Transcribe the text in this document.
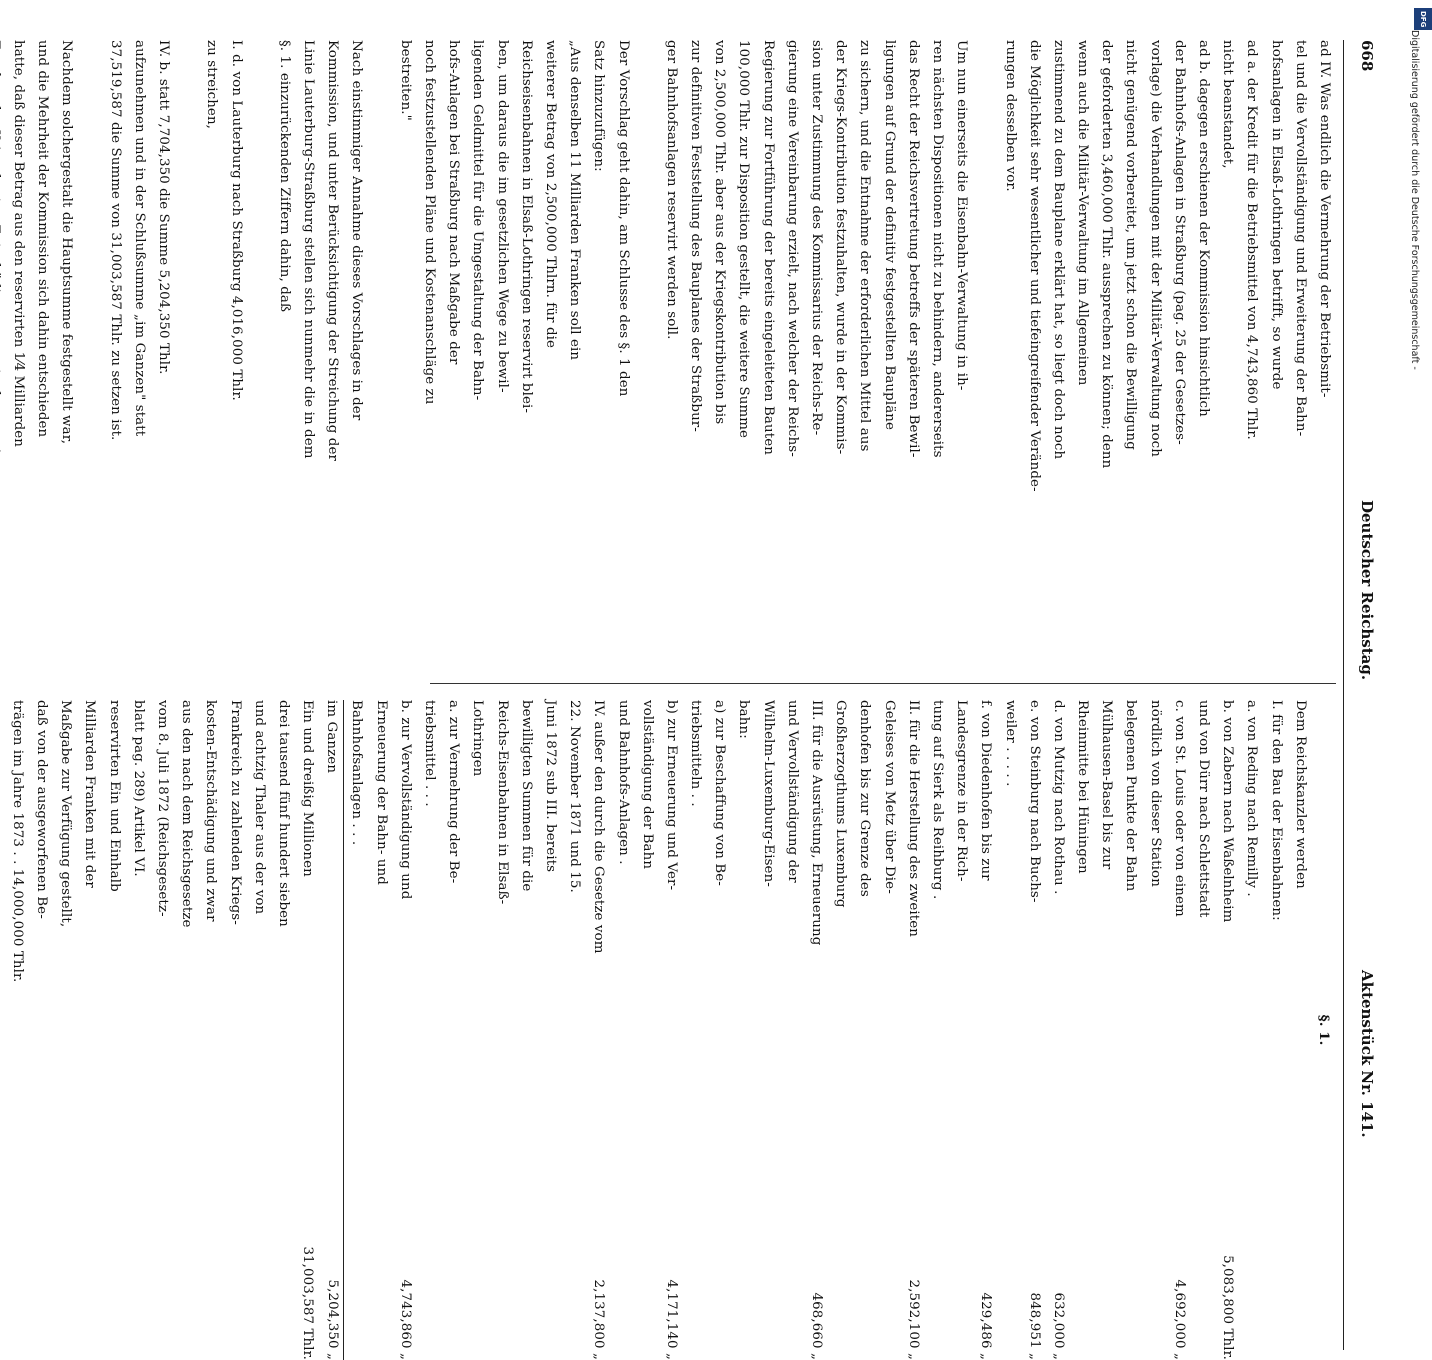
668
Deutscher Reichstag.
Aktenstück Nr. 141.
ad IV. Was endlich die Vermehrung der Betriebsmit-
tel und die Vervollständigung und Erweiterung der Bahn-
hofsanlagen in Elsaß-Lothringen betrifft, so wurde
ad a. der Kredit für die Betriebsmittel von 4,743,860 Thlr.
nicht beanstandet,
ad b. dagegen erschienen der Kommission hinsichtlich
der Bahnhofs-Anlagen in Straßburg (pag. 25 der Gesetzes-
vorlage) die Verhandlungen mit der Militär-Verwaltung noch
nicht genügend vorbereitet, um jetzt schon die Bewilligung
der geforderten 3,460,000 Thlr. aussprechen zu können; denn
wenn auch die Militär-Verwaltung im Allgemeinen
zustimmend zu dem Bauplane erklärt hat, so liegt doch noch
die Möglichkeit sehr wesentlicher und tiefeingreifender Verände-
rungen desselben vor.
Um nun einerseits die Eisenbahn-Verwaltung in ih-
ren nächsten Dispositionen nicht zu behindern, andererseits
das Recht der Reichsvertretung betreffs der späteren Bewil-
ligungen auf Grund der definitiv festgestellten Baupläne
zu sichern, und die Entnahme der erforderlichen Mittel aus
der Kriegs-Kontribution festzuhalten, wurde in der Kommis-
sion unter Zustimmung des Kommissarius der Reichs-Re-
gierung eine Vereinbarung erzielt, nach welcher der Reichs-
Regierung zur Fortführung der bereits eingeleiteten Bauten
100,000 Thlr. zur Disposition gestellt, die weitere Summe
von 2,500,000 Thlr. aber aus der Kriegskontribution bis
zur definitiven Feststellung des Bauplanes der Straßbur-
ger Bahnhofsanlagen reservirt werden soll.
Der Vorschlag geht dahin, am Schlusse des §. 1 den
Satz hinzuzufügen:
„Aus denselben 11 Milliarden Franken soll ein
weiterer Betrag von 2,500,000 Thlrn. für die
Reichseisenbahnen in Elsaß-Lothringen reservirt blei-
ben, um daraus die im gesetzlichen Wege zu bewil-
ligenden Geldmittel für die Umgestaltung der Bahn-
hofs-Anlagen bei Straßburg nach Maßgabe der
noch festzustellenden Pläne und Kostenanschläge zu
bestreiten."
Nach einstimmiger Annahme dieses Vorschlages in der
Kommission, und unter Berücksichtigung der Streichung der
Linie Lauterburg-Straßburg stellen sich nunmehr die in dem
§. 1. einzurückenden Ziffern dahin, daß
I. d. von Lauterburg nach Straßburg 4,016,000 Thlr.
zu streichen,
IV. b. statt 7,704,350 die Summe 5,204,350 Thlr.
aufzunehmen und in der Schlußsumme „im Ganzen" statt
37,519,587 die Summe von 31,003,587 Thlr. zu setzen ist.
Nachdem solchergestalt die Hauptsumme festgestellt war,
und die Mehrheit der Kommission sich dahin entschieden
hatte, daß dieser Betrag aus den reservirten 1⁄4 Milliarden
§. 1.
Dem Reichskanzler werden
I. für den Bau der Eisenbahnen:
a. von Reding nach Remilly .
5,083,800 Thlr.
b. von Zabern nach Waßelnheim
und von Dürr nach Schlettstadt
4,692,000 „
c. von St. Louis oder von einem
nördlich von dieser Station
belegenen Punkte der Bahn
Mülhausen-Basel bis zur
Rheinmitte bei Hüningen
632,000 „
d. von Mutzig nach Rothau .
848,951 „
e. von Steinburg nach Buchs-
weiler . . . . .
429,486 „
f. von Diedenhofen bis zur
Landesgrenze in der Rich-
tung auf Sierk als Reihburg .
2,592,100 „
II. für die Herstellung des zweiten
Geleises von Metz über Die-
denhofen bis zur Grenze des
Großherzogthums Luxemburg
468,660 „
III. für die Ausrüstung, Erneuerung
und Vervollständigung der
Wilhelm-Luxemburg-Eisen-
bahn:
a) zur Beschaffung von Be-
triebsmitteln . .
4,171,140 „
b) zur Erneuerung und Ver-
vollständigung der Bahn
und Bahnhofs-Anlagen .
2,137,800 „
IV. außer den durch die Gesetze vom
22. November 1871 und 15.
Juni 1872 sub III. bereits
bewilligten Summen für die
Reichs-Eisenbahnen in Elsaß-
Lothringen
a. zur Vermehrung der Be-
triebsmittel . . .
4,743,860 „
b. zur Vervollständigung und
Erneuerung der Bahn- und
Bahnhofsanlagen . . .
5,204,350 „
im Ganzen
31,003,587 Thlr.
Ein und dreißig Millionen
drei tausend fünf hundert sieben
und achtzig Thaler aus der von
Frankreich zu zahlenden Kriegs-
kosten-Entschädigung und zwar
aus den nach dem Reichsgesetze
vom 8. Juli 1872 (Reichsgesetz-
blatt pag. 289) Artikel VI.
reservirten Ein und Einhalb
Milliarden Franken mit der
Maßgabe zur Verfügung gestellt,
daß von der ausgeworfenen Be-
trägen im Jahre 1873 . . 14,000,000 Thlr.
DFG
Digitalisierung gefördert durch die Deutsche Forschungsgemeinschaft -
